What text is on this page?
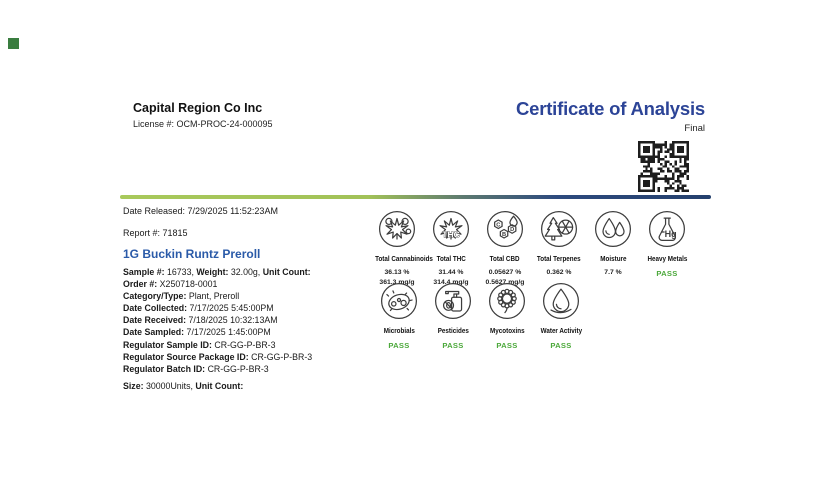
Capital Region Co Inc
License #: OCM-PROC-24-000095
Certificate of Analysis
Final
Date Released: 7/29/2025 11:52:23AM
Report #: 71815
1G Buckin Runtz Preroll
Sample #: 16733, Weight: 32.00g, Unit Count:
Order #: X250718-0001
Category/Type: Plant, Preroll
Date Collected: 7/17/2025 5:45:00PM
Date Received: 7/18/2025 10:32:13AM
Date Sampled: 7/17/2025 1:45:00PM
Regulator Sample ID: CR-GG-P-BR-3
Regulator Source Package ID: CR-GG-P-BR-3
Regulator Batch ID: CR-GG-P-BR-3
Size: 30000Units, Unit Count:
Total Cannabinoids
36.13 %
361.3 mg/g
THC
Total THC
31.44 %
314.4 mg/g
C
B
D
Total CBD
0.05627 %
0.5627 mg/g
Total Terpenes
0.362 %
Moisture
7.7 %
Hg
Heavy Metals
PASS
Microbials
PASS
Pesticides
PASS
Mycotoxins
PASS
Water Activity
PASS
